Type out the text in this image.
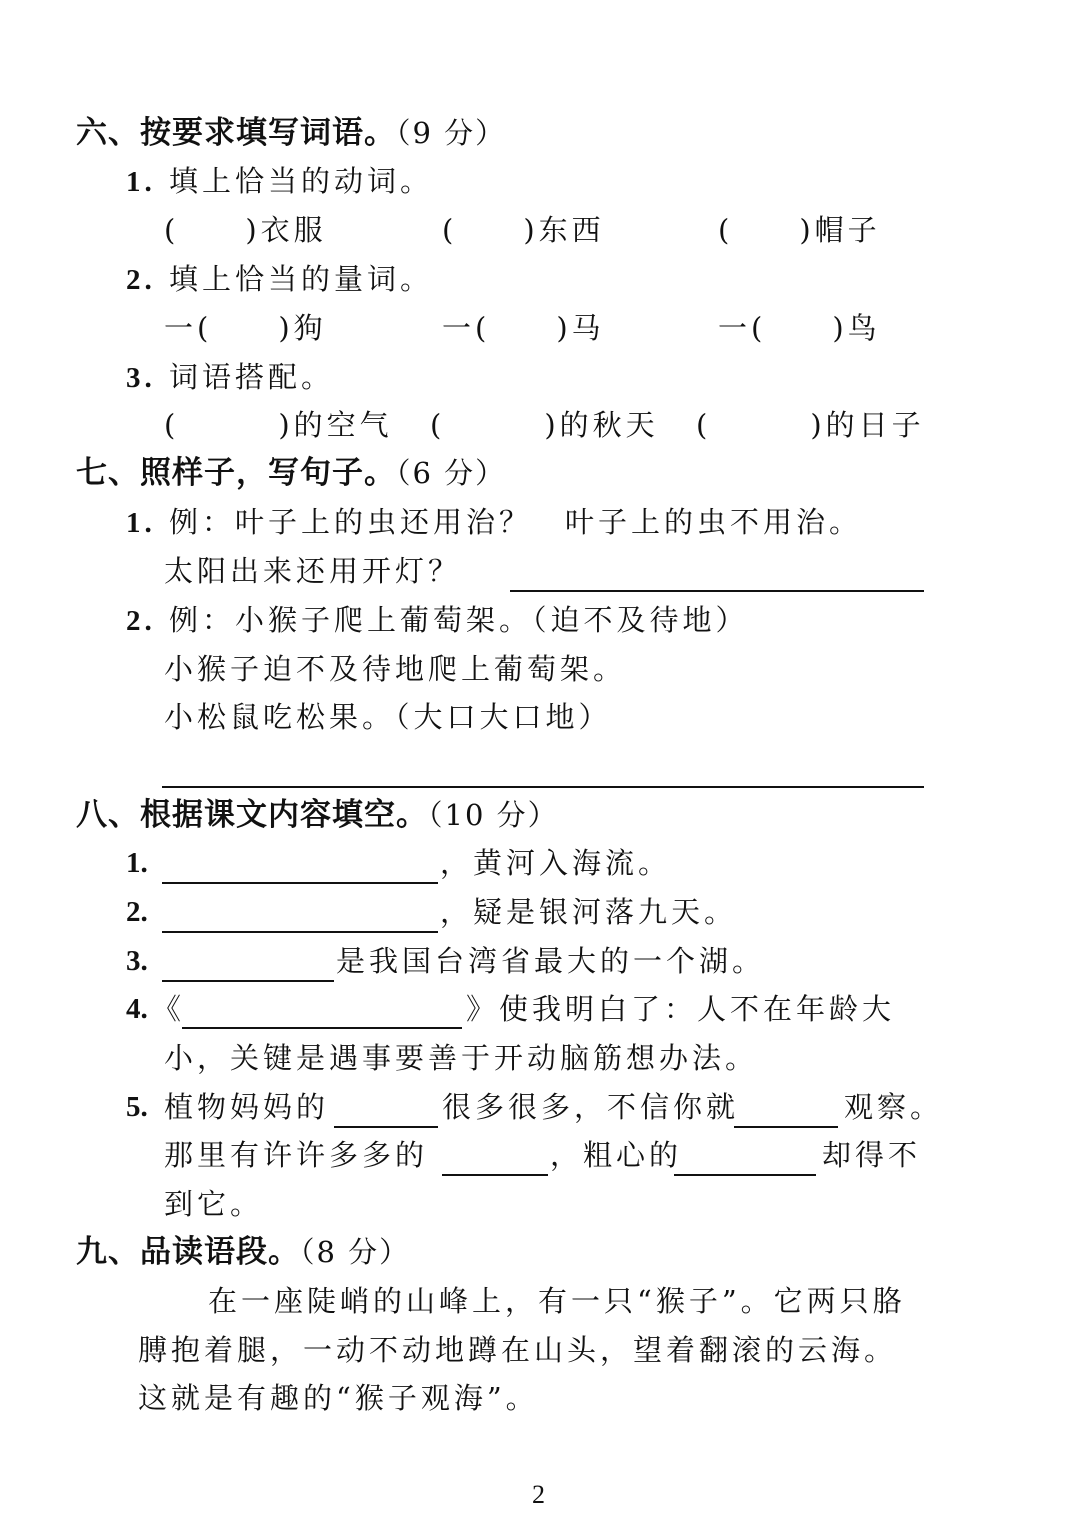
六、按要求填写词语。（9 分）
1. 填上恰当的动词。
(　　)衣服	(　　)东西	(　　)帽子
2. 填上恰当的量词。
一(　　)狗	一(　　)马	一(　　)鸟
3. 词语搭配。
(　　　)的空气 (　　　)的秋天 (　　　)的日子
七、照样子，写句子。（6 分）
1. 例：叶子上的虫还用治？　叶子上的虫不用治。
太阳出来还用开灯？
2. 例：小猴子爬上葡萄架。（迫不及待地）
小猴子迫不及待地爬上葡萄架。
小松鼠吃松果。（大口大口地）
八、根据课文内容填空。（10 分）
1.	，黄河入海流。
2.	，疑是银河落九天。
3.	是我国台湾省最大的一个湖。
4. 《	》使我明白了：人不在年龄大
小，关键是遇事要善于开动脑筋想办法。
5. 植物妈妈的	很多很多，不信你就	观察。
那里有许许多多的	，粗心的	却得不
到它。
九、品读语段。（8 分）
在一座陡峭的山峰上，有一只“猴子”。它两只胳
膊抱着腿，一动不动地蹲在山头，望着翻滚的云海。
这就是有趣的“猴子观海”。
2
